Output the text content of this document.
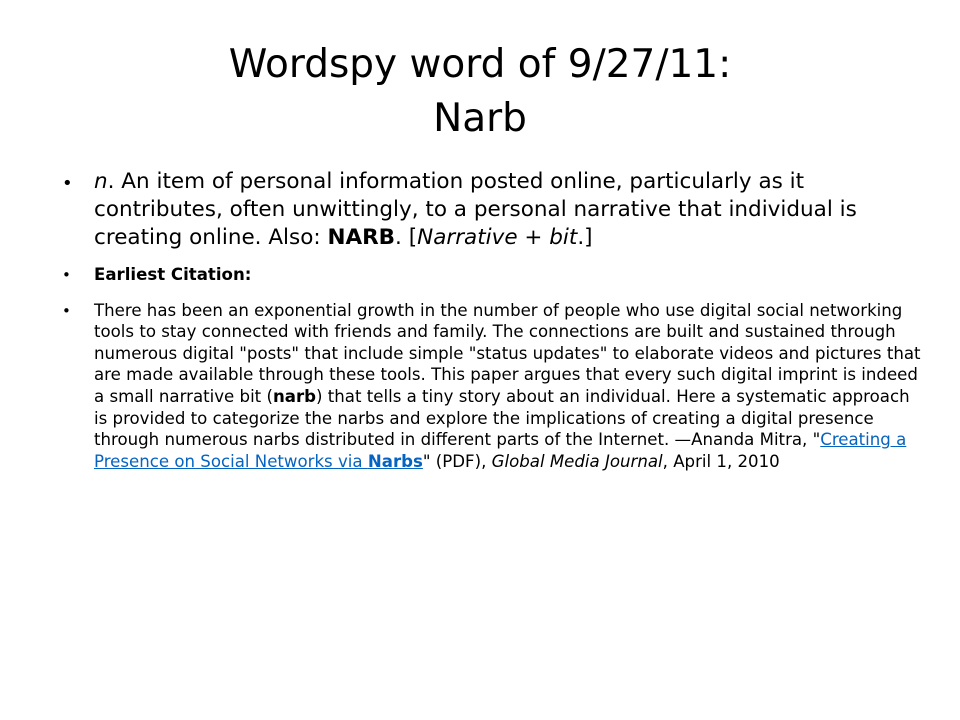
Wordspy word of 9/27/11:
Narb
• n. An item of personal information posted online, particularly as it contributes, often unwittingly, to a personal narrative that individual is creating online. Also: NARB. [Narrative + bit.]

• Earliest Citation:

• There has been an exponential growth in the number of people who use digital social networking tools to stay connected with friends and family. The connections are built and sustained through numerous digital "posts" that include simple "status updates" to elaborate videos and pictures that are made available through these tools. This paper argues that every such digital imprint is indeed a small narrative bit (narb) that tells a tiny story about an individual. Here a systematic approach is provided to categorize the narbs and explore the implications of creating a digital presence through numerous narbs distributed in different parts of the Internet. —Ananda Mitra, "Creating a Presence on Social Networks via Narbs" (PDF), Global Media Journal, April 1, 2010
